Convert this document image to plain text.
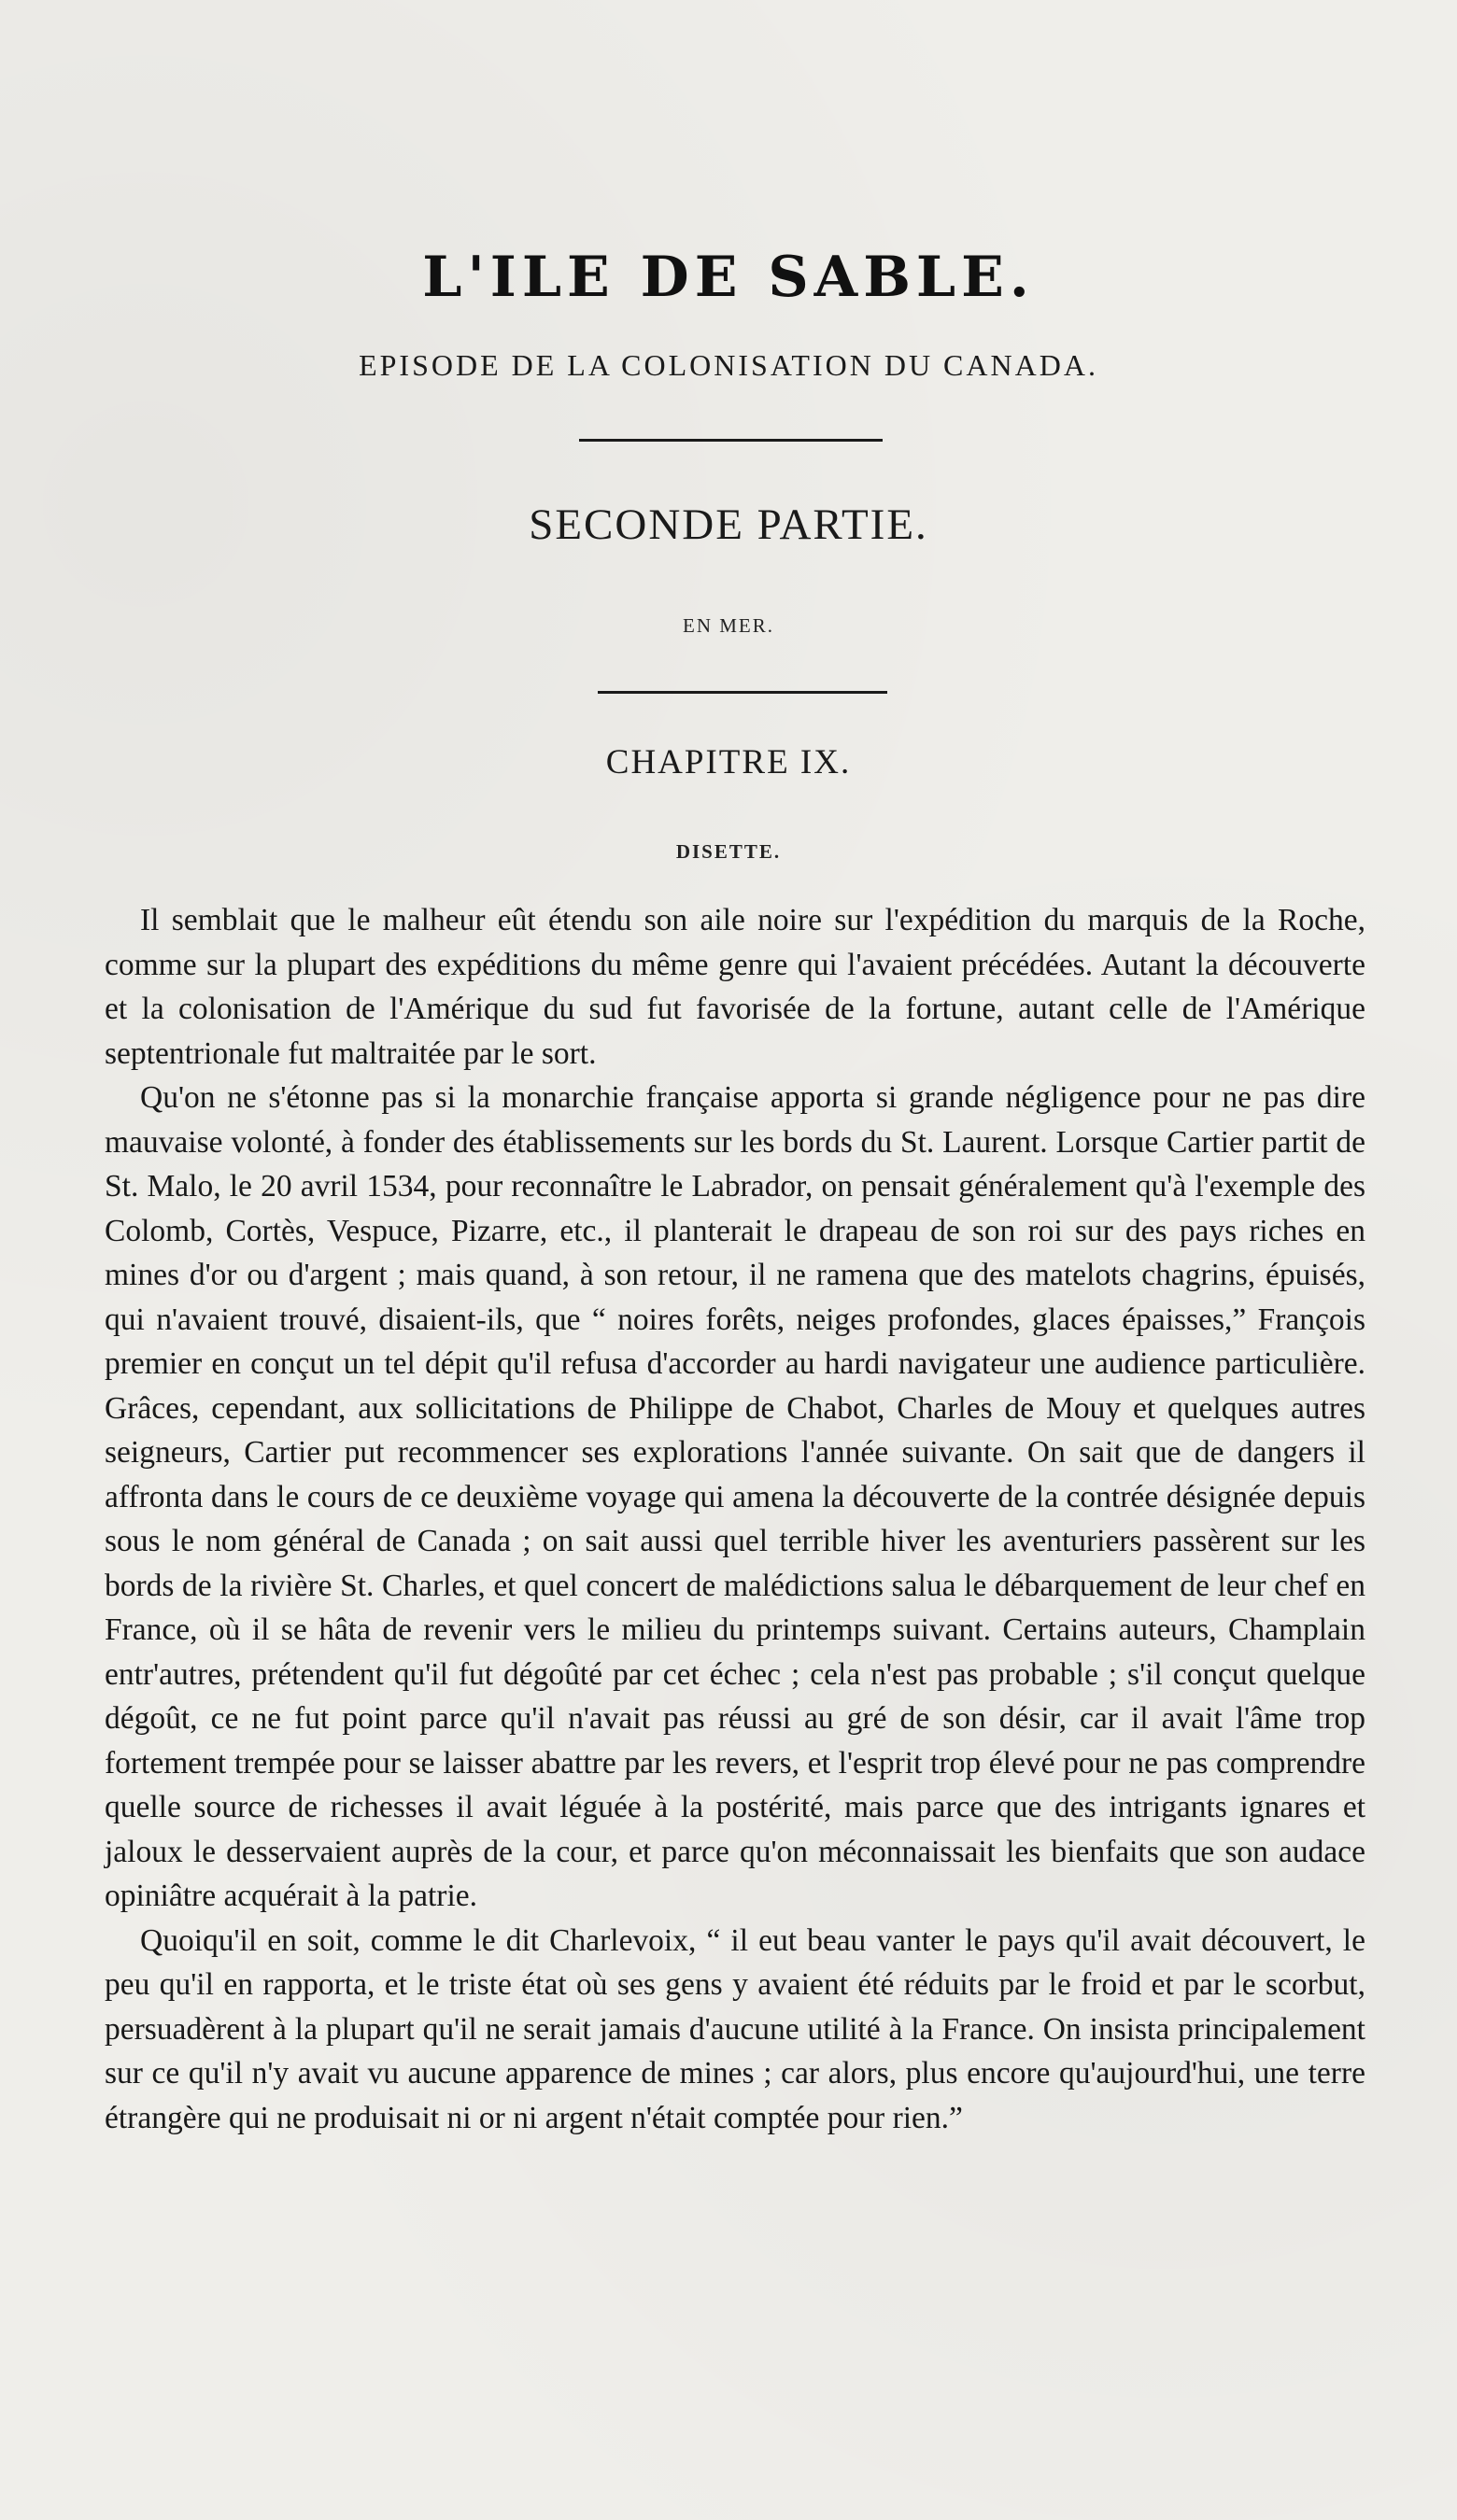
L'ILE DE SABLE.
EPISODE DE LA COLONISATION DU CANADA.
SECONDE PARTIE.
EN MER.
CHAPITRE IX.
DISETTE.

Il semblait que le malheur eût étendu son aile noire sur l'expédition du marquis de la Roche, comme sur la plupart des expéditions du même genre qui l'avaient précédées. Autant la découverte et la colonisation de l'Amérique du sud fut favorisée de la fortune, autant celle de l'Amérique septentrionale fut maltraitée par le sort.

Qu'on ne s'étonne pas si la monarchie française apporta si grande négligence pour ne pas dire mauvaise volonté, à fonder des établissements sur les bords du St. Laurent. Lorsque Cartier partit de St. Malo, le 20 avril 1534, pour reconnaître le Labrador, on pensait généralement qu'à l'exemple des Colomb, Cortès, Vespuce, Pizarre, etc., il planterait le drapeau de son roi sur des pays riches en mines d'or ou d'argent ; mais quand, à son retour, il ne ramena que des matelots chagrins, épuisés, qui n'avaient trouvé, disaient-ils, que “ noires forêts, neiges profondes, glaces épaisses,” François premier en conçut un tel dépit qu'il refusa d'accorder au hardi navigateur une audience particulière. Grâces, cependant, aux sollicitations de Philippe de Chabot, Charles de Mouy et quelques autres seigneurs, Cartier put recommencer ses explorations l'année suivante. On sait que de dangers il affronta dans le cours de ce deuxième voyage qui amena la découverte de la contrée désignée depuis sous le nom général de Canada ; on sait aussi quel terrible hiver les aventuriers passèrent sur les bords de la rivière St. Charles, et quel concert de malédictions salua le débarquement de leur chef en France, où il se hâta de revenir vers le milieu du printemps suivant. Certains auteurs, Champlain entr'autres, prétendent qu'il fut dégoûté par cet échec ; cela n'est pas probable ; s'il conçut quelque dégoût, ce ne fut point parce qu'il n'avait pas réussi au gré de son désir, car il avait l'âme trop fortement trempée pour se laisser abattre par les revers, et l'esprit trop élevé pour ne pas comprendre quelle source de richesses il avait léguée à la postérité, mais parce que des intrigants ignares et jaloux le desservaient auprès de la cour, et parce qu'on méconnaissait les bienfaits que son audace opiniâtre acquérait à la patrie.

Quoiqu'il en soit, comme le dit Charlevoix, “ il eut beau vanter le pays qu'il avait découvert, le peu qu'il en rapporta, et le triste état où ses gens y avaient été réduits par le froid et par le scorbut, persuadèrent à la plupart qu'il ne serait jamais d'aucune utilité à la France. On insista principalement sur ce qu'il n'y avait vu aucune apparence de mines ; car alors, plus encore qu'aujourd'hui, une terre étrangère qui ne produisait ni or ni argent n'était comptée pour rien.”
